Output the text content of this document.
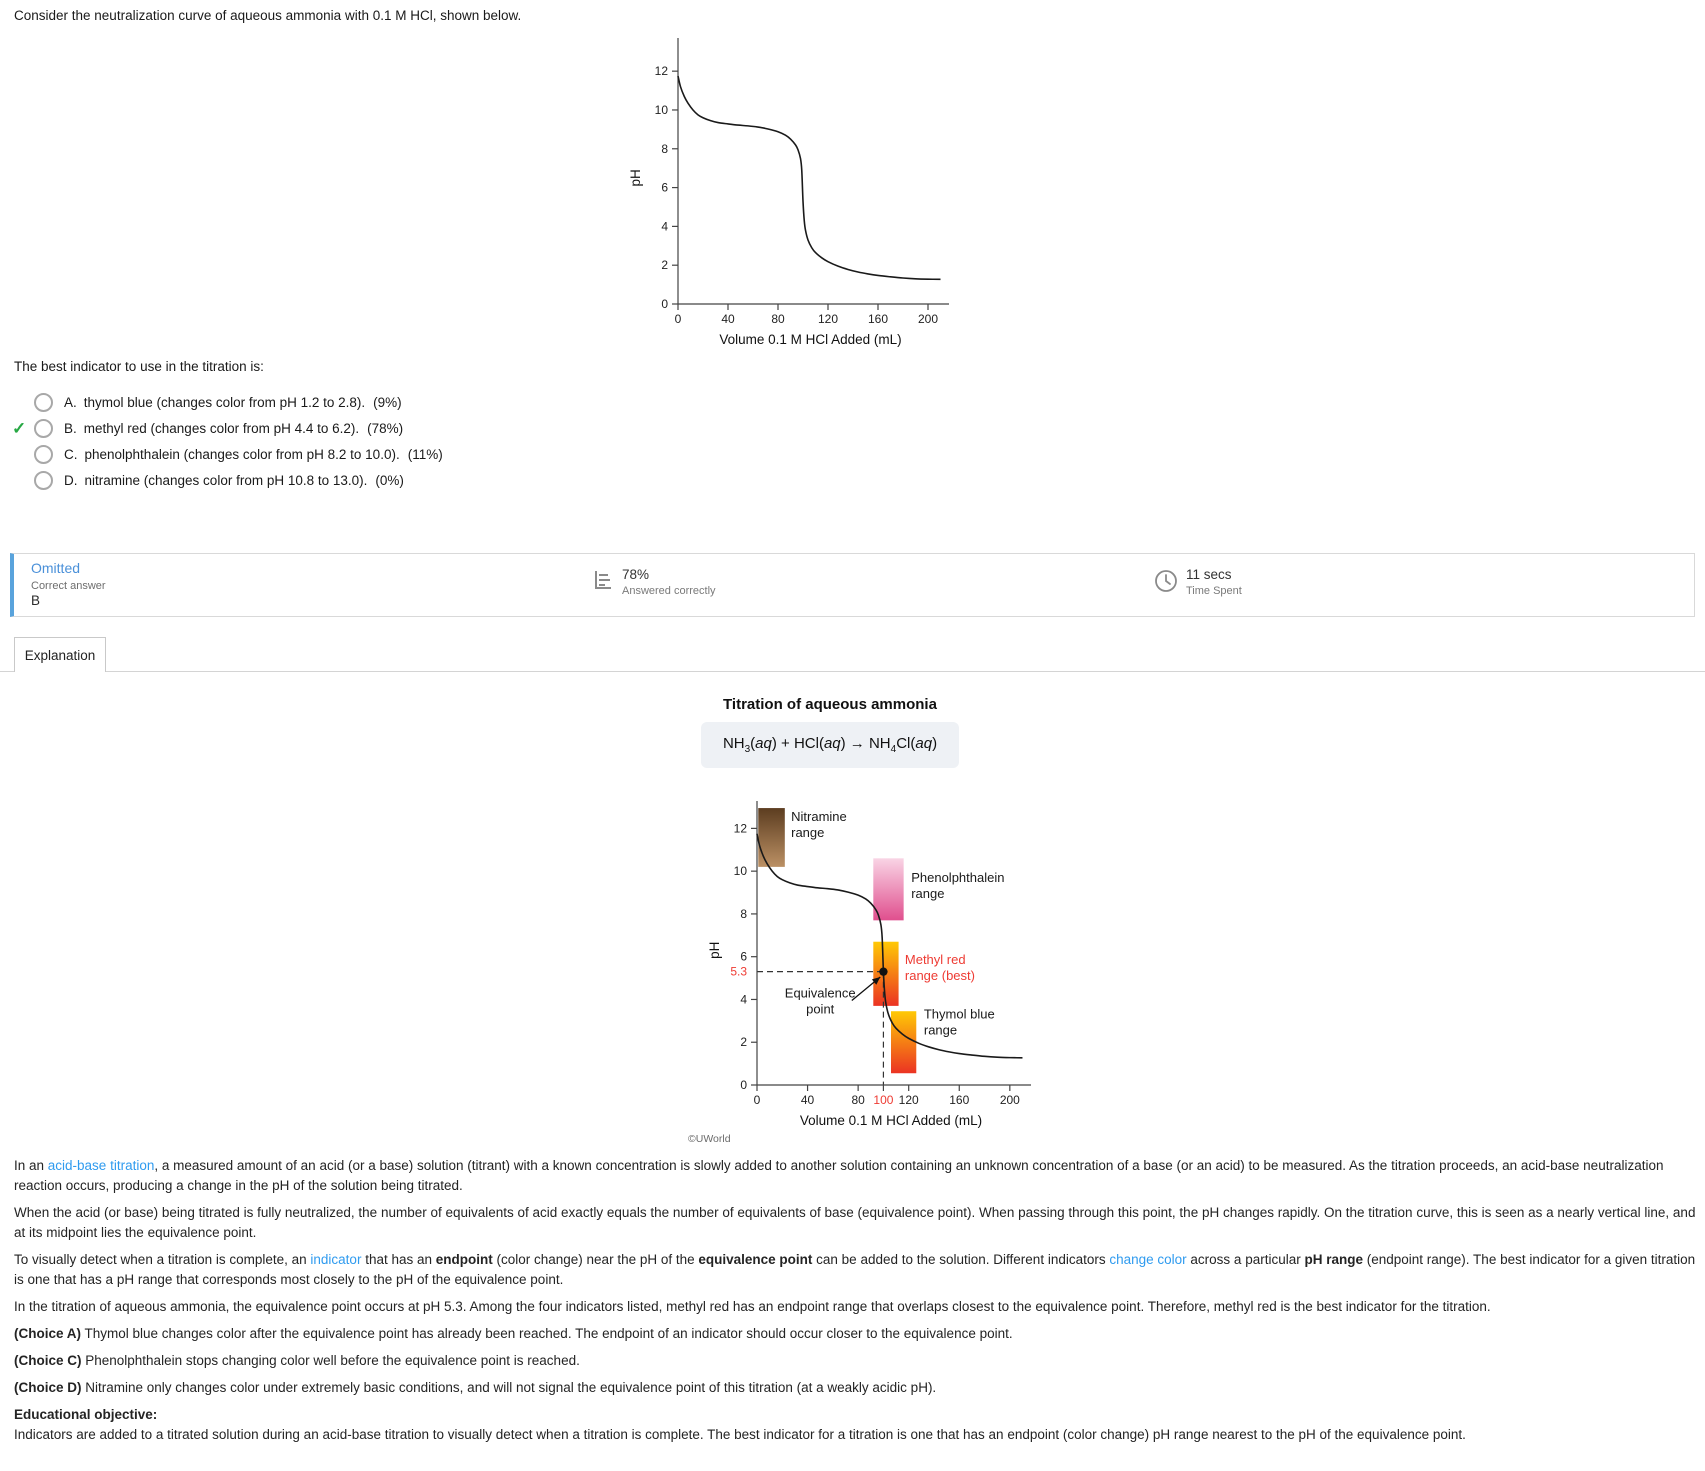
Consider the neutralization curve of aqueous ammonia with 0.1 M HCl, shown below.
0
2
4
6
8
10
12
0	40	80	120 160 200
pH
Volume 0.1 M HCl Added (mL)
The best indicator to use in the titration is:
A. thymol blue (changes color from pH 1.2 to 2.8). (9%)
✓	B. methyl red (changes color from pH 4.4 to 6.2). (78%)
C. phenolphthalein (changes color from pH 8.2 to 10.0). (11%)
D. nitramine (changes color from pH 10.8 to 13.0). (0%)
Omitted
Correct answer
B
78%
Answered correctly
11 secs
Time Spent
Explanation
Titration of aqueous ammonia
$NH_3(aq) + HCl(aq) \to NH_4Cl(aq)$
0
2
4
6
8
10
12
5.3
0	40	80 100 120	160	200
pH
Volume 0.1 M HCl Added (mL)
Nitramine range
Phenolphthalein range
Methyl red range (best)
Thymol blue range
Equivalence point
©UWorld

In an acid-base titration, a measured amount of an acid (or a base) solution (titrant) with a known concentration is slowly added to another solution containing an unknown concentration of a base (or an acid) to be measured. As the titration proceeds, an acid-base neutralization reaction occurs, producing a change in the pH of the solution being titrated.

When the acid (or base) being titrated is fully neutralized, the number of equivalents of acid exactly equals the number of equivalents of base (equivalence point). When passing through this point, the pH changes rapidly. On the titration curve, this is seen as a nearly vertical line, and at its midpoint lies the equivalence point.

To visually detect when a titration is complete, an indicator that has an endpoint (color change) near the pH of the equivalence point can be added to the solution. Different indicators change color across a particular pH range (endpoint range). The best indicator for a given titration is one that has a pH range that corresponds most closely to the pH of the equivalence point.

In the titration of aqueous ammonia, the equivalence point occurs at pH 5.3. Among the four indicators listed, methyl red has an endpoint range that overlaps closest to the equivalence point. Therefore, methyl red is the best indicator for the titration.

(Choice A) Thymol blue changes color after the equivalence point has already been reached. The endpoint of an indicator should occur closer to the equivalence point.

(Choice C) Phenolphthalein stops changing color well before the equivalence point is reached.

(Choice D) Nitramine only changes color under extremely basic conditions, and will not signal the equivalence point of this titration (at a weakly acidic pH).

Educational objective:
Indicators are added to a titrated solution during an acid-base titration to visually detect when a titration is complete. The best indicator for a titration is one that has an endpoint (color change) pH range nearest to the pH of the equivalence point.
